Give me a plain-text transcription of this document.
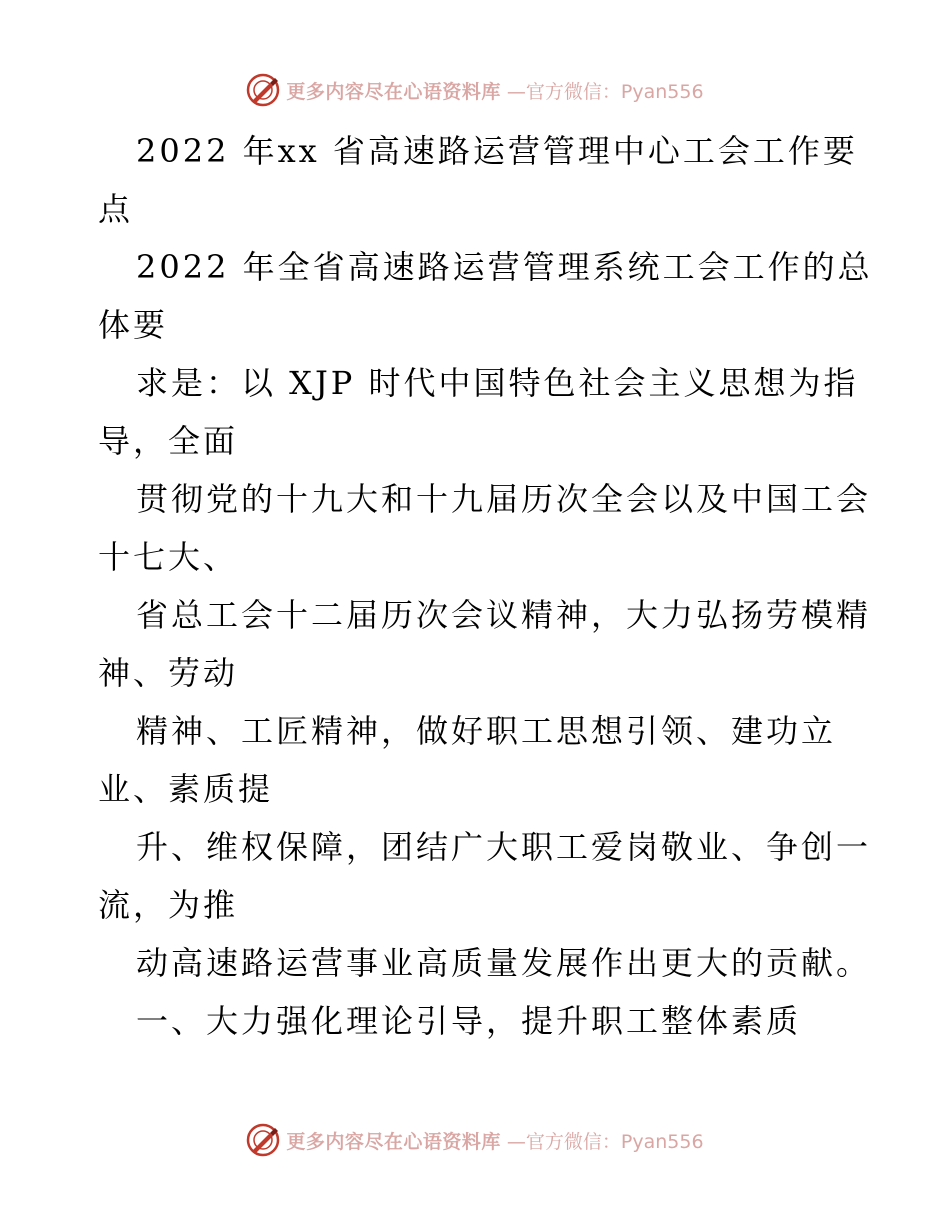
更多内容尽在心语资料库 —官方微信：Pyan556
2022 年xx 省高速路运营管理中心工会工作要
点
2022 年全省高速路运营管理系统工会工作的总
体要
求是：以 XJP 时代中国特色社会主义思想为指
导，全面
贯彻党的十九大和十九届历次全会以及中国工会
十七大、
省总工会十二届历次会议精神，大力弘扬劳模精
神、劳动
精神、工匠精神，做好职工思想引领、建功立
业、素质提
升、维权保障，团结广大职工爱岗敬业、争创一
流，为推
动高速路运营事业高质量发展作出更大的贡献。
一、大力强化理论引导，提升职工整体素质
更多内容尽在心语资料库 —官方微信：Pyan556
